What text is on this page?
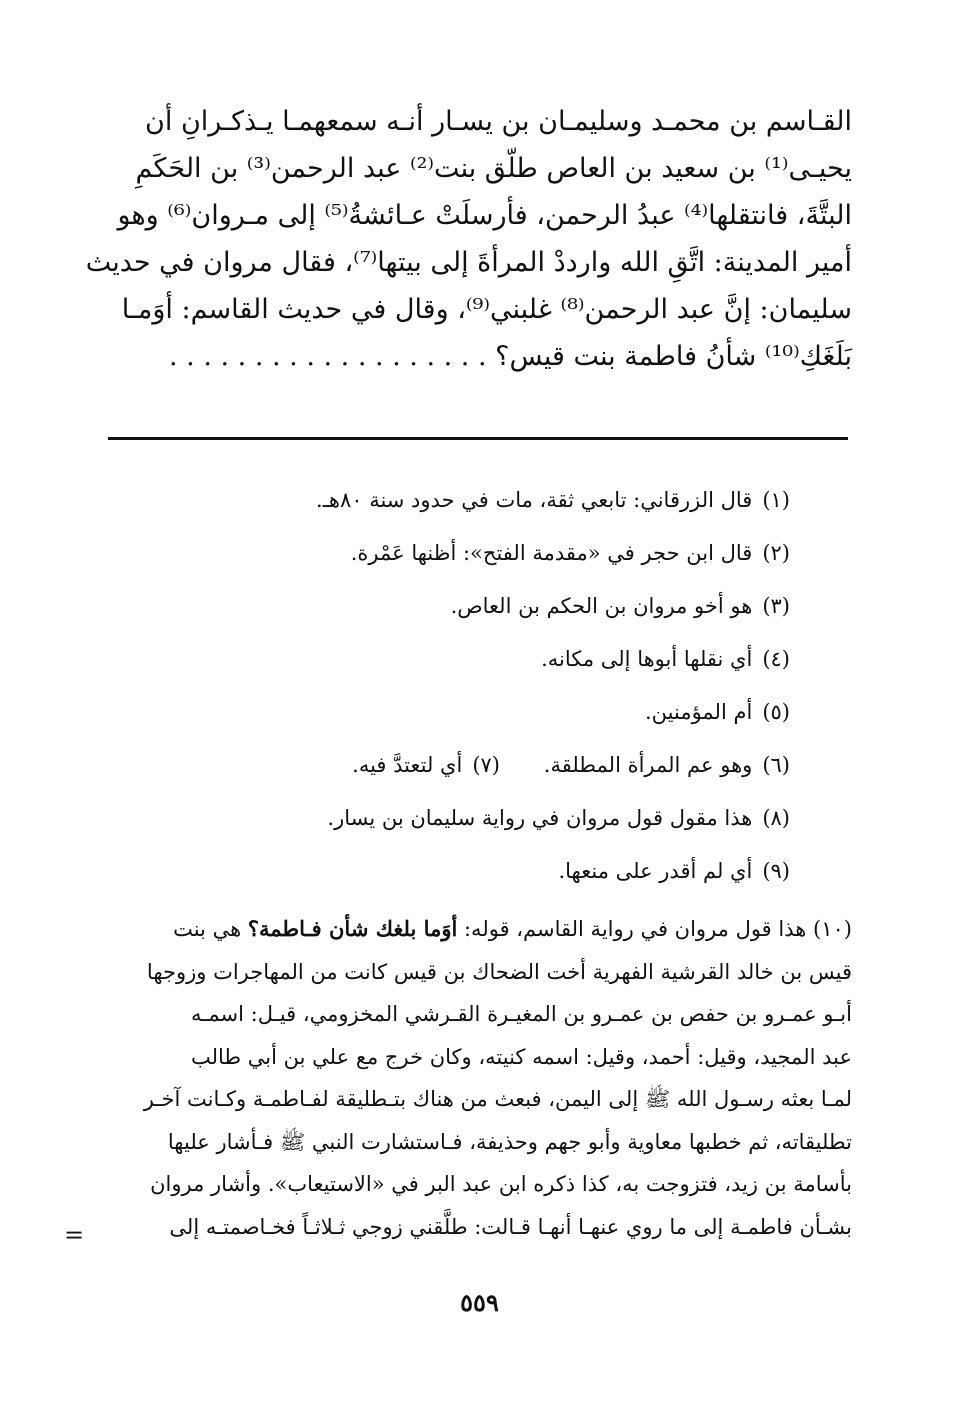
القـاسم بن محمـد وسليمـان بن يسـار أنـه سمعهمـا يـذكـرانِ أن
يحيـى⁽¹⁾ بن سعيد بن العاص طلّق بنت⁽²⁾ عبد الرحمن⁽³⁾ بن الحَكَمِ
البتَّةَ، فانتقلها⁽⁴⁾ عبدُ الرحمن، فأرسلَتْ عـائشةُ⁽⁵⁾ إلى مـروان⁽⁶⁾ وهو
أمير المدينة: اتَّقِ الله وارددْ المرأةَ إلى بيتها⁽⁷⁾، فقال مروان في حديث
سليمان: إنَّ عبد الرحمن⁽⁸⁾ غلبني⁽⁹⁾، وقال في حديث القاسم: أوَمـا
بَلَغَكِ⁽¹⁰⁾ شأنُ فاطمة بنت قيس؟ . . . . . . . . . . . . . . . . . . .
(١)قال الزرقاني: تابعي ثقة، مات في حدود سنة ٨٠هـ.
(٢)قال ابن حجر في «مقدمة الفتح»: أظنها عَمْرة.
(٣)هو أخو مروان بن الحكم بن العاص.
(٤)أي نقلها أبوها إلى مكانه.
(٥)أم المؤمنين.
(٦)وهو عم المرأة المطلقة.
(٧)أي لتعتدَّ فيه.
(٨)هذا مقول قول مروان في رواية سليمان بن يسار.
(٩)أي لم أقدر على منعها.
(١٠) هذا قول مروان في رواية القاسم، قوله: أوَما بلغك شأن فـاطمة؟ هي بنت
قيس بن خالد القرشية الفهرية أخت الضحاك بن قيس كانت من المهاجرات وزوجها
أبـو عمـرو بن حفص بن عمـرو بن المغيـرة القـرشي المخزومي، قيـل: اسمـه
عبد المجيد، وقيل: أحمد، وقيل: اسمه كنيته، وكان خرج مع علي بن أبي طالب
لمـا بعثه رسـول الله ﷺ إلى اليمن، فبعث من هناك بتـطليقة لفـاطمـة وكـانت آخـر
تطليقاته، ثم خطبها معاوية وأبو جهم وحذيفة، فـاستشارت النبي ﷺ فـأشار عليها
بأسامة بن زيد، فتزوجت به، كذا ذكره ابن عبد البر في «الاستيعاب». وأشار مروان
بشـأن فاطمـة إلى ما روي عنهـا أنهـا قـالت: طلَّقني زوجي ثـلاثـاً فخـاصمتـه إلى
=
٥٥٩
